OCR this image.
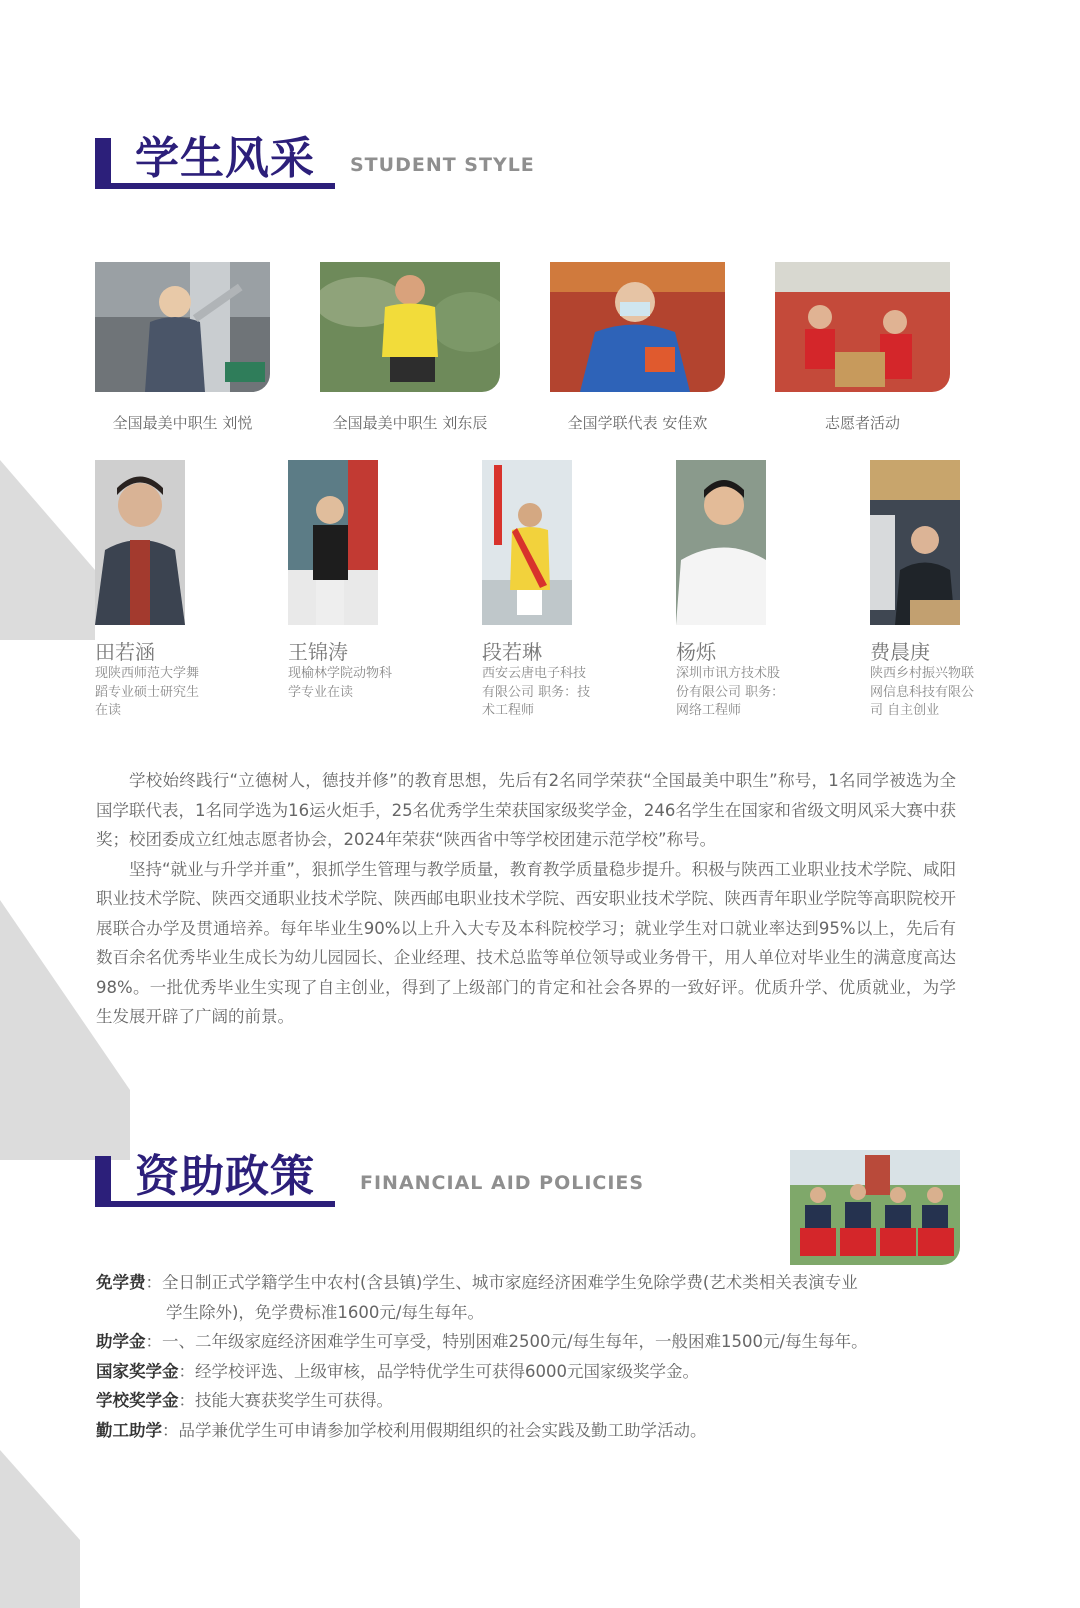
学生风采 STUDENT STYLE
全国最美中职生 刘悦	全国最美中职生 刘东辰	全国学联代表 安佳欢	志愿者活动
田若涵
现陕西师范大学舞蹈专业硕士研究生在读
王锦涛
现榆林学院动物科学专业在读
段若琳
西安云唐电子科技有限公司 职务：技术工程师
杨烁
深圳市讯方技术股份有限公司 职务：网络工程师
费晨庚
陕西乡村振兴物联网信息科技有限公司 自主创业

学校始终践行“立德树人，德技并修”的教育思想，先后有2名同学荣获“全国最美中职生”称号，1名同学被选为全国学联代表，1名同学选为16运火炬手，25名优秀学生荣获国家级奖学金，246名学生在国家和省级文明风采大赛中获奖；校团委成立红烛志愿者协会，2024年荣获“陕西省中等学校团建示范学校”称号。

坚持“就业与升学并重”，狠抓学生管理与教学质量，教育教学质量稳步提升。积极与陕西工业职业技术学院、咸阳职业技术学院、陕西交通职业技术学院、陕西邮电职业技术学院、西安职业技术学院、陕西青年职业学院等高职院校开展联合办学及贯通培养。每年毕业生90%以上升入大专及本科院校学习；就业学生对口就业率达到95%以上，先后有数百余名优秀毕业生成长为幼儿园园长、企业经理、技术总监等单位领导或业务骨干，用人单位对毕业生的满意度高达98%。一批优秀毕业生实现了自主创业，得到了上级部门的肯定和社会各界的一致好评。优质升学、优质就业，为学生发展开辟了广阔的前景。

资助政策 FINANCIAL AID POLICIES
免学费：全日制正式学籍学生中农村(含县镇)学生、城市家庭经济困难学生免除学费(艺术类相关表演专业
学生除外)，免学费标准1600元/每生每年。
助学金：一、二年级家庭经济困难学生可享受，特别困难2500元/每生每年，一般困难1500元/每生每年。
国家奖学金：经学校评选、上级审核，品学特优学生可获得6000元国家级奖学金。
学校奖学金：技能大赛获奖学生可获得。
勤工助学：品学兼优学生可申请参加学校利用假期组织的社会实践及勤工助学活动。
